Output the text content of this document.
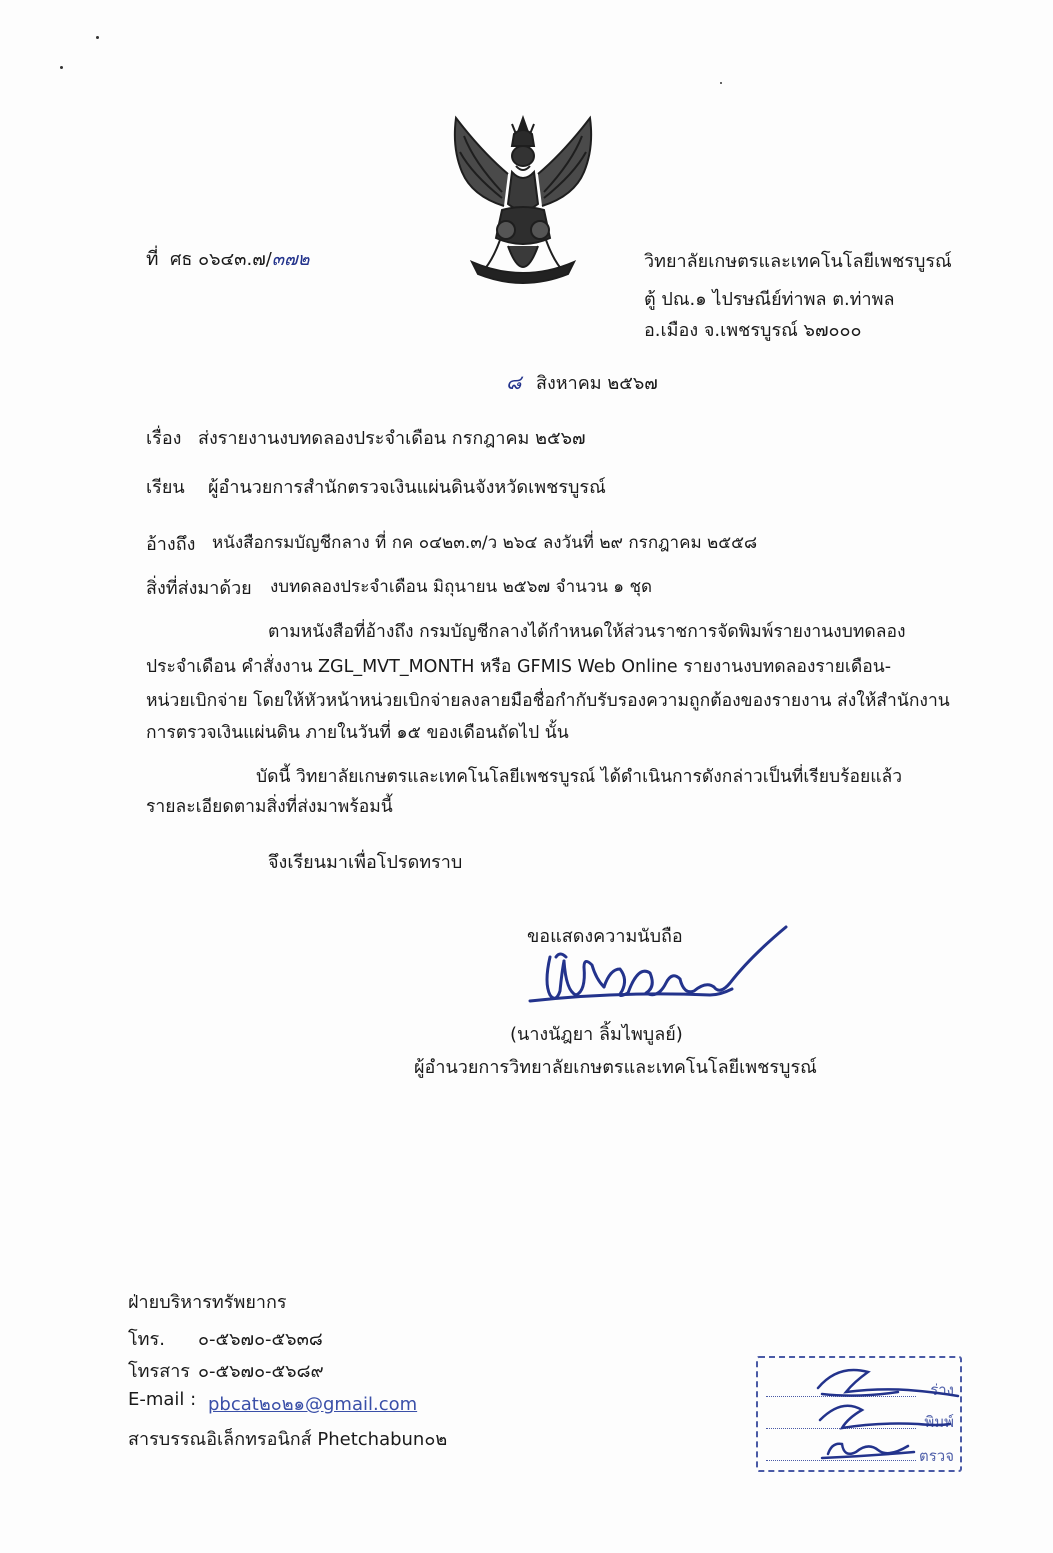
ที่ ศธ ๐๖๔๓.๗/๓๗๒	วิทยาลัยเกษตรและเทคโนโลยีเพชรบูรณ์
ตู้ ปณ.๑ ไปรษณีย์ท่าพล ต.ท่าพล
อ.เมือง จ.เพชรบูรณ์ ๖๗๐๐๐
๘ สิงหาคม ๒๕๖๗
เรื่อง ส่งรายงานงบทดลองประจำเดือน กรกฎาคม ๒๕๖๗
เรียน ผู้อำนวยการสำนักตรวจเงินแผ่นดินจังหวัดเพชรบูรณ์
อ้างถึง หนังสือกรมบัญชีกลาง ที่ กค ๐๔๒๓.๓/ว ๒๖๔ ลงวันที่ ๒๙ กรกฎาคม ๒๕๕๘
สิ่งที่ส่งมาด้วย งบทดลองประจำเดือน มิถุนายน ๒๕๖๗ จำนวน ๑ ชุด
ตามหนังสือที่อ้างถึง กรมบัญชีกลางได้กำหนดให้ส่วนราชการจัดพิมพ์รายงานงบทดลอง
ประจำเดือน คำสั่งงาน ZGL_MVT_MONTH หรือ GFMIS Web Online รายงานงบทดลองรายเดือน-
หน่วยเบิกจ่าย โดยให้หัวหน้าหน่วยเบิกจ่ายลงลายมือชื่อกำกับรับรองความถูกต้องของรายงาน ส่งให้สำนักงาน
การตรวจเงินแผ่นดิน ภายในวันที่ ๑๕ ของเดือนถัดไป นั้น
บัดนี้ วิทยาลัยเกษตรและเทคโนโลยีเพชรบูรณ์ ได้ดำเนินการดังกล่าวเป็นที่เรียบร้อยแล้ว
รายละเอียดตามสิ่งที่ส่งมาพร้อมนี้
จึงเรียนมาเพื่อโปรดทราบ
ขอแสดงความนับถือ
(นางนัฎยา ลิ้มไพบูลย์)
ผู้อำนวยการวิทยาลัยเกษตรและเทคโนโลยีเพชรบูรณ์
ฝ่ายบริหารทรัพยากร
โทร. ๐-๕๖๗๐-๕๖๓๘
โทรสาร ๐-๕๖๗๐-๕๖๘๙
E-mail : pbcat๒๐๒๑@gmail.com
สารบรรณอิเล็กทรอนิกส์ Phetchabun๐๒
ร่าง
พิมพ์
ตรวจ
